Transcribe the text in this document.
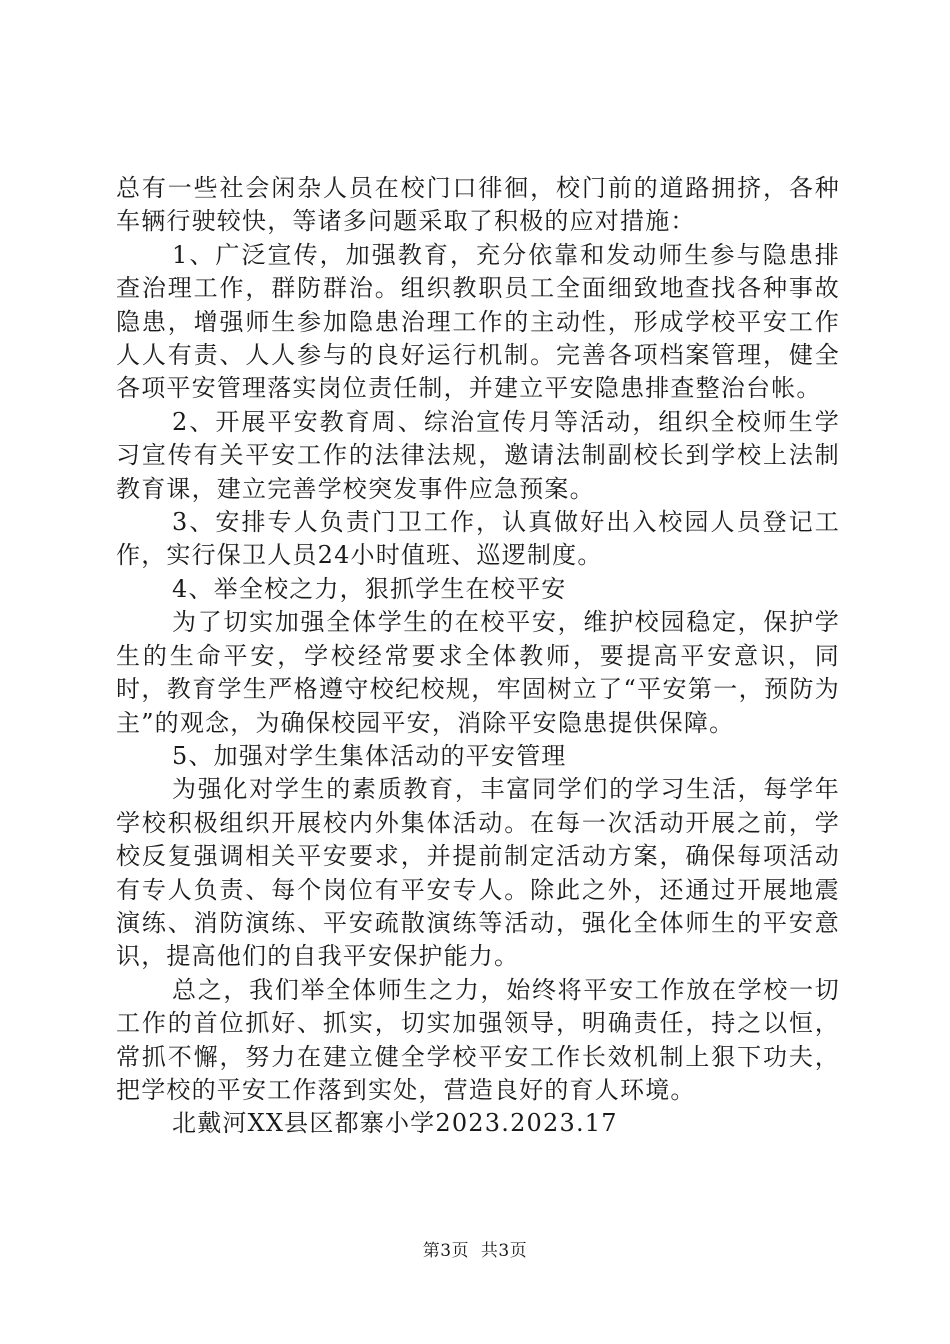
总有一些社会闲杂人员在校门口徘徊，校门前的道路拥挤，各种车辆行驶较快，等诸多问题采取了积极的应对措施：

1、广泛宣传，加强教育，充分依靠和发动师生参与隐患排查治理工作，群防群治。组织教职员工全面细致地查找各种事故隐患，增强师生参加隐患治理工作的主动性，形成学校平安工作人人有责、人人参与的良好运行机制。完善各项档案管理，健全各项平安管理落实岗位责任制，并建立平安隐患排查整治台帐。

2、开展平安教育周、综治宣传月等活动，组织全校师生学习宣传有关平安工作的法律法规，邀请法制副校长到学校上法制教育课，建立完善学校突发事件应急预案。

3、安排专人负责门卫工作，认真做好出入校园人员登记工作，实行保卫人员24小时值班、巡逻制度。

4、举全校之力，狠抓学生在校平安

为了切实加强全体学生的在校平安，维护校园稳定，保护学生的生命平安，学校经常要求全体教师，要提高平安意识，同时，教育学生严格遵守校纪校规，牢固树立了“平安第一，预防为主”的观念，为确保校园平安，消除平安隐患提供保障。

5、加强对学生集体活动的平安管理

为强化对学生的素质教育，丰富同学们的学习生活，每学年学校积极组织开展校内外集体活动。在每一次活动开展之前，学校反复强调相关平安要求，并提前制定活动方案，确保每项活动有专人负责、每个岗位有平安专人。除此之外，还通过开展地震演练、消防演练、平安疏散演练等活动，强化全体师生的平安意识，提高他们的自我平安保护能力。

总之，我们举全体师生之力，始终将平安工作放在学校一切工作的首位抓好、抓实，切实加强领导，明确责任，持之以恒，常抓不懈，努力在建立健全学校平安工作长效机制上狠下功夫，把学校的平安工作落到实处，营造良好的育人环境。

北戴河XX县区都寨小学2023.2023.17

第3页  共3页
